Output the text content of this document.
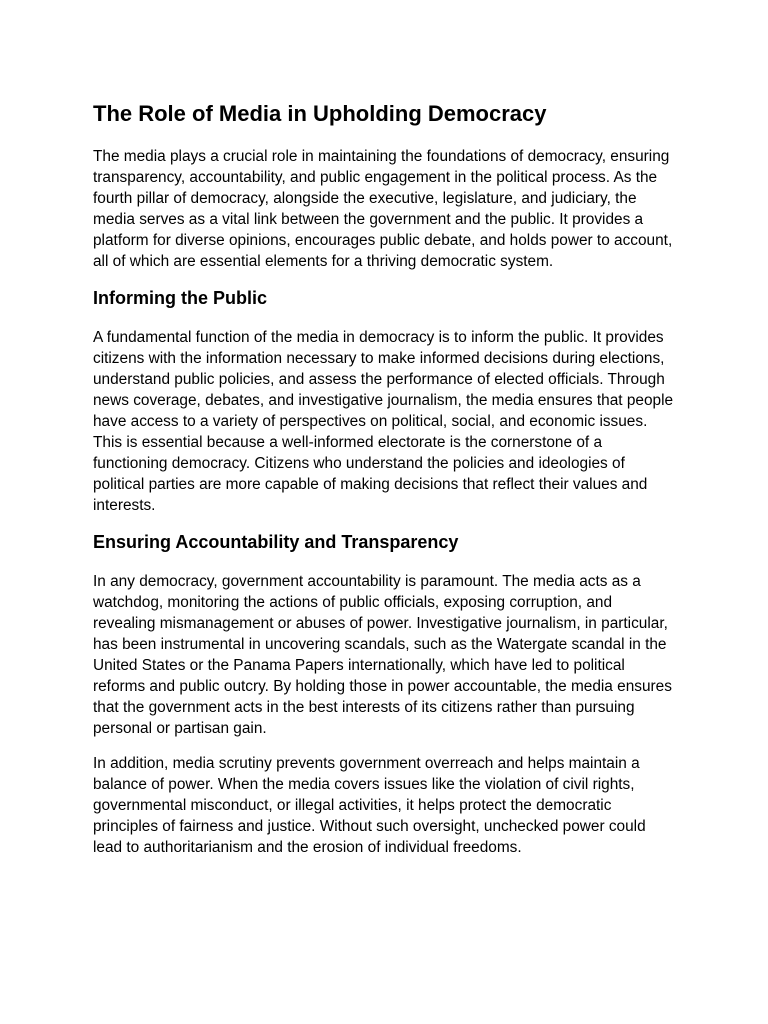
The Role of Media in Upholding Democracy

The media plays a crucial role in maintaining the foundations of democracy, ensuring transparency, accountability, and public engagement in the political process. As the fourth pillar of democracy, alongside the executive, legislature, and judiciary, the media serves as a vital link between the government and the public. It provides a platform for diverse opinions, encourages public debate, and holds power to account, all of which are essential elements for a thriving democratic system.

Informing the Public

A fundamental function of the media in democracy is to inform the public. It provides citizens with the information necessary to make informed decisions during elections, understand public policies, and assess the performance of elected officials. Through news coverage, debates, and investigative journalism, the media ensures that people have access to a variety of perspectives on political, social, and economic issues. This is essential because a well-informed electorate is the cornerstone of a functioning democracy. Citizens who understand the policies and ideologies of political parties are more capable of making decisions that reflect their values and interests.

Ensuring Accountability and Transparency

In any democracy, government accountability is paramount. The media acts as a watchdog, monitoring the actions of public officials, exposing corruption, and revealing mismanagement or abuses of power. Investigative journalism, in particular, has been instrumental in uncovering scandals, such as the Watergate scandal in the United States or the Panama Papers internationally, which have led to political reforms and public outcry. By holding those in power accountable, the media ensures that the government acts in the best interests of its citizens rather than pursuing personal or partisan gain.

In addition, media scrutiny prevents government overreach and helps maintain a balance of power. When the media covers issues like the violation of civil rights, governmental misconduct, or illegal activities, it helps protect the democratic principles of fairness and justice. Without such oversight, unchecked power could lead to authoritarianism and the erosion of individual freedoms.
